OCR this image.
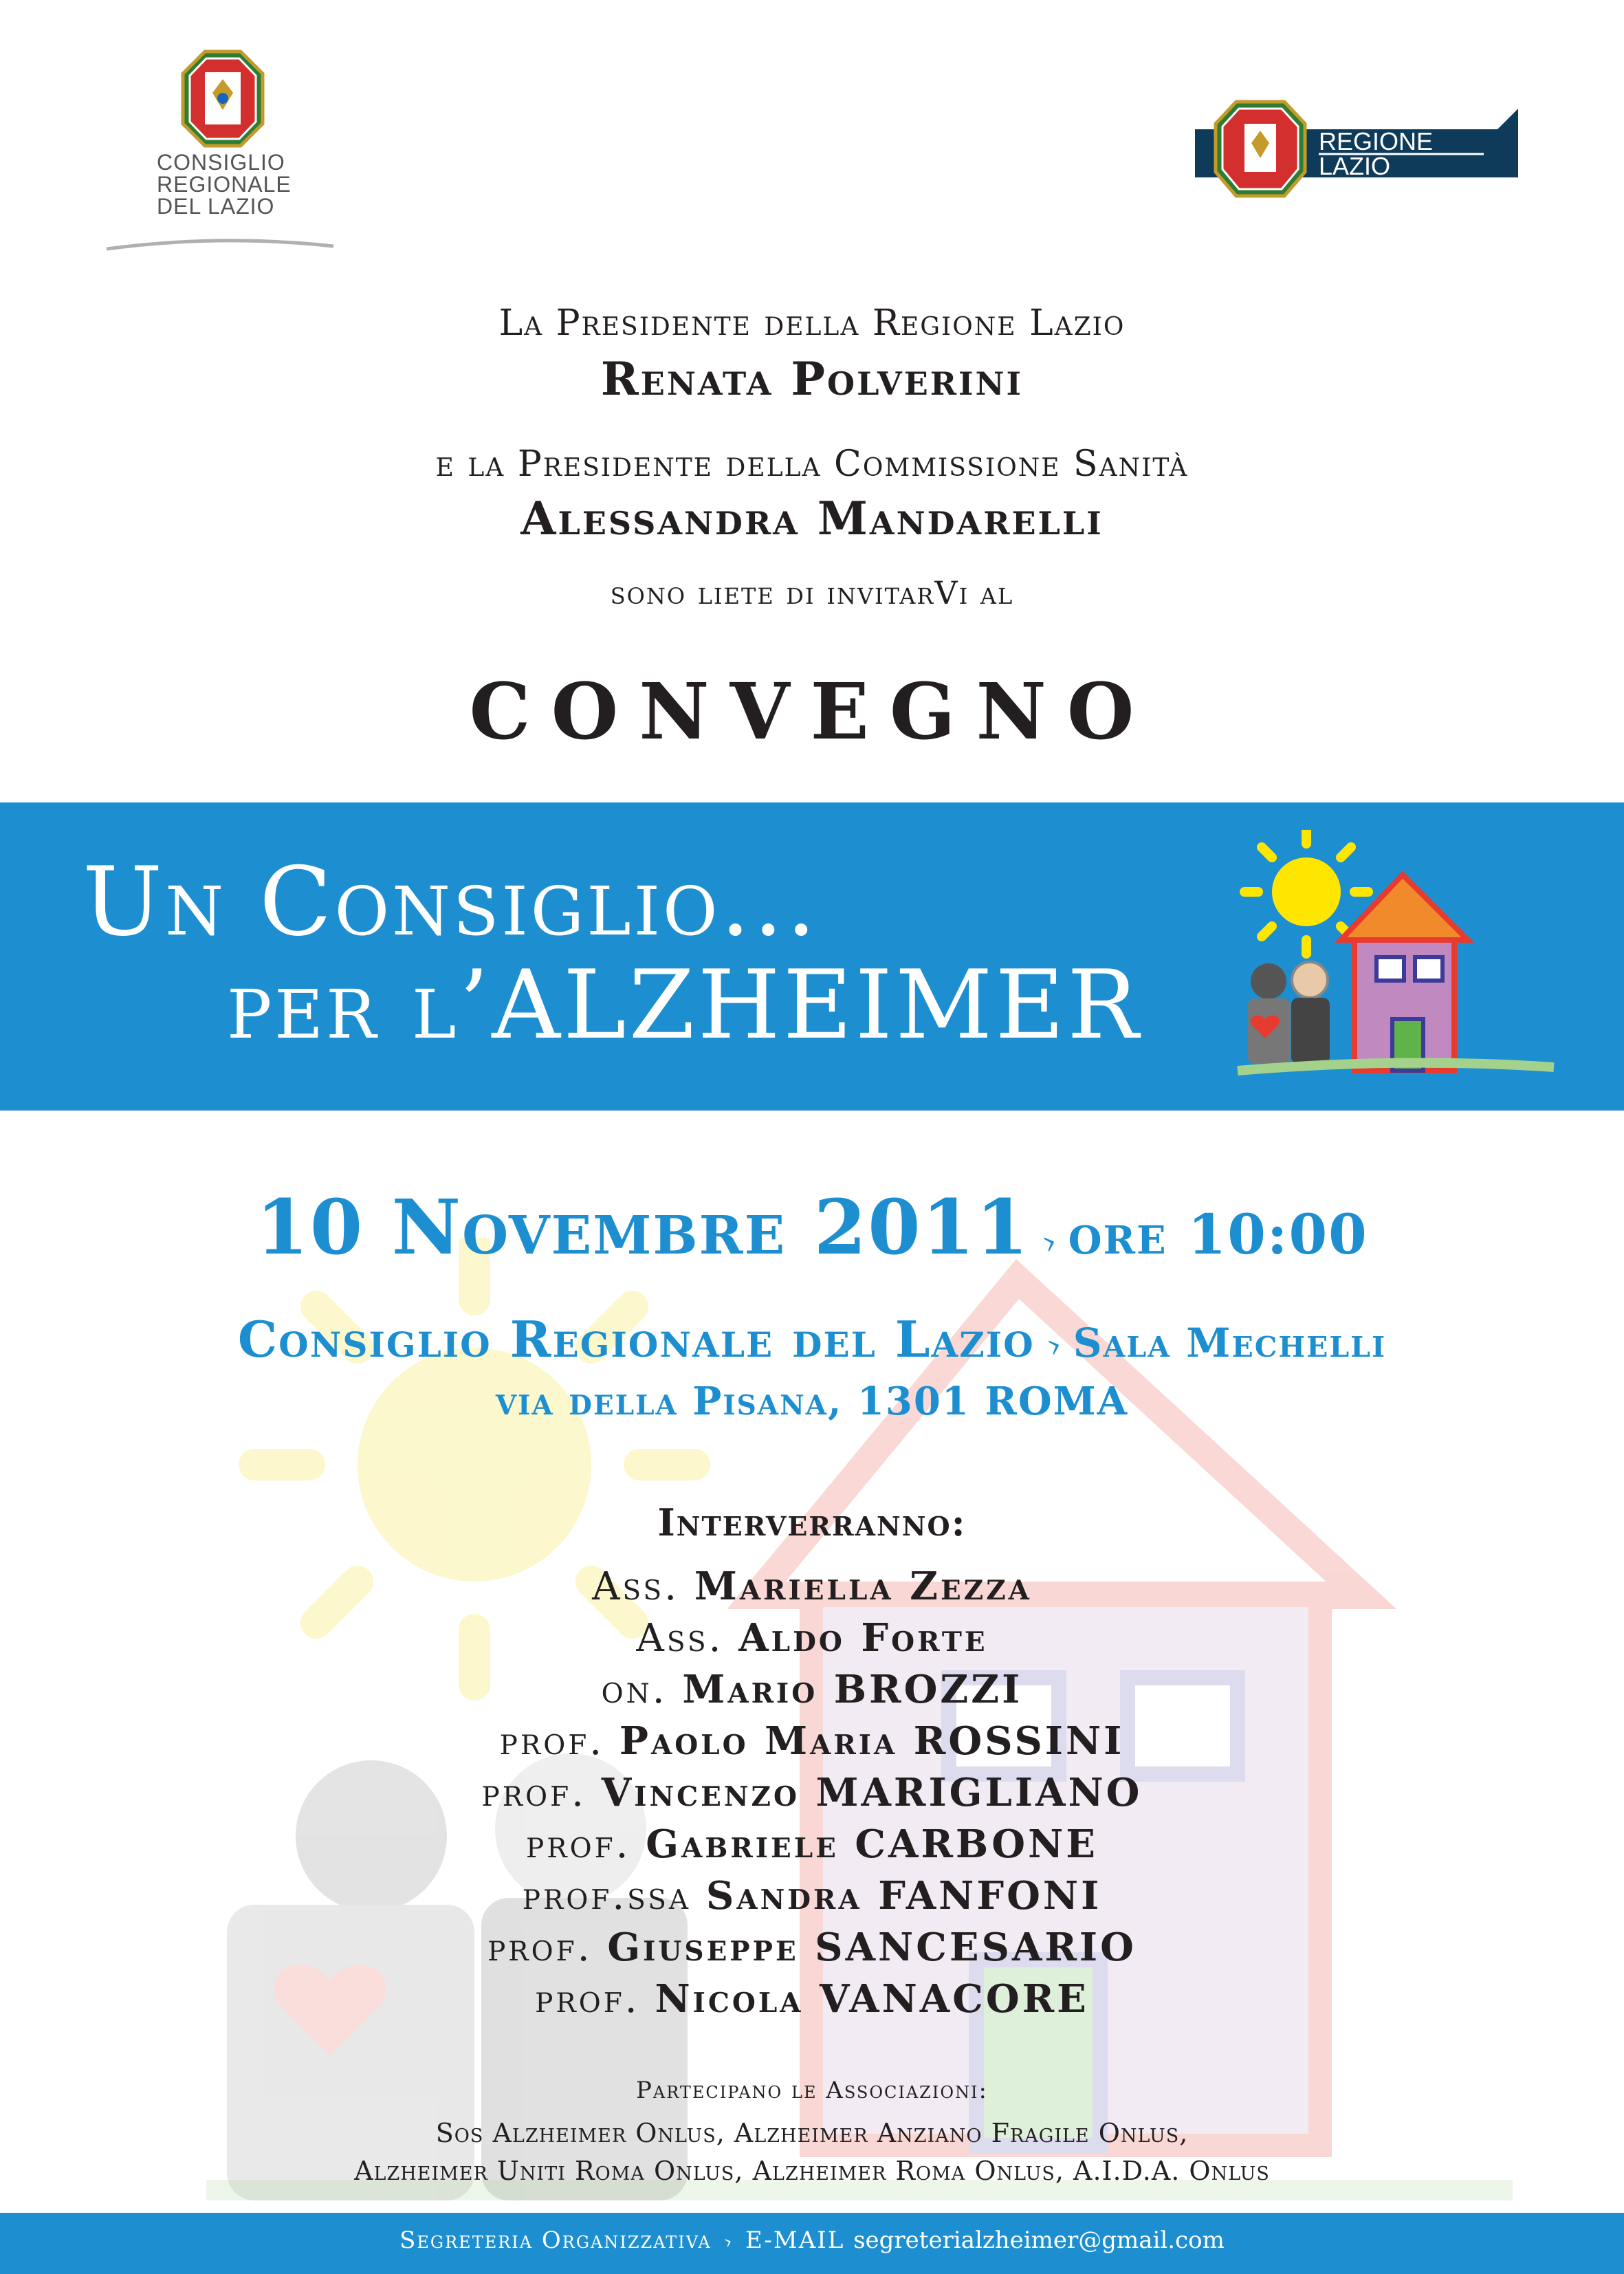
CONSIGLIO
REGIONALE
DEL LAZIO
REGIONE
LAZIO
La Presidente della Regione Lazio
Renata Polverini
e la Presidente della Commissione Sanità
Alessandra Mandarelli
sono liete di invitarVi al
CONVEGNO
Un Consiglio...
per l’ALZHEIMER
10 Novembre 2011 › ore 10:00
Consiglio Regionale del Lazio › Sala Mechelli
via della Pisana, 1301 ROMA
Interverranno:
Ass. Mariella Zezza
Ass. Aldo Forte
on. Mario BROZZI
prof. Paolo Maria ROSSINI
prof. Vincenzo MARIGLIANO
prof. Gabriele CARBONE
prof.ssa Sandra FANFONI
prof. Giuseppe SANCESARIO
prof. Nicola VANACORE
Partecipano le Associazioni:
Sos Alzheimer Onlus, Alzheimer Anziano Fragile Onlus,
Alzheimer Uniti Roma Onlus, Alzheimer Roma Onlus, A.I.D.A. Onlus
Segreteria Organizzativa › E-MAIL segreterialzheimer@gmail.com
